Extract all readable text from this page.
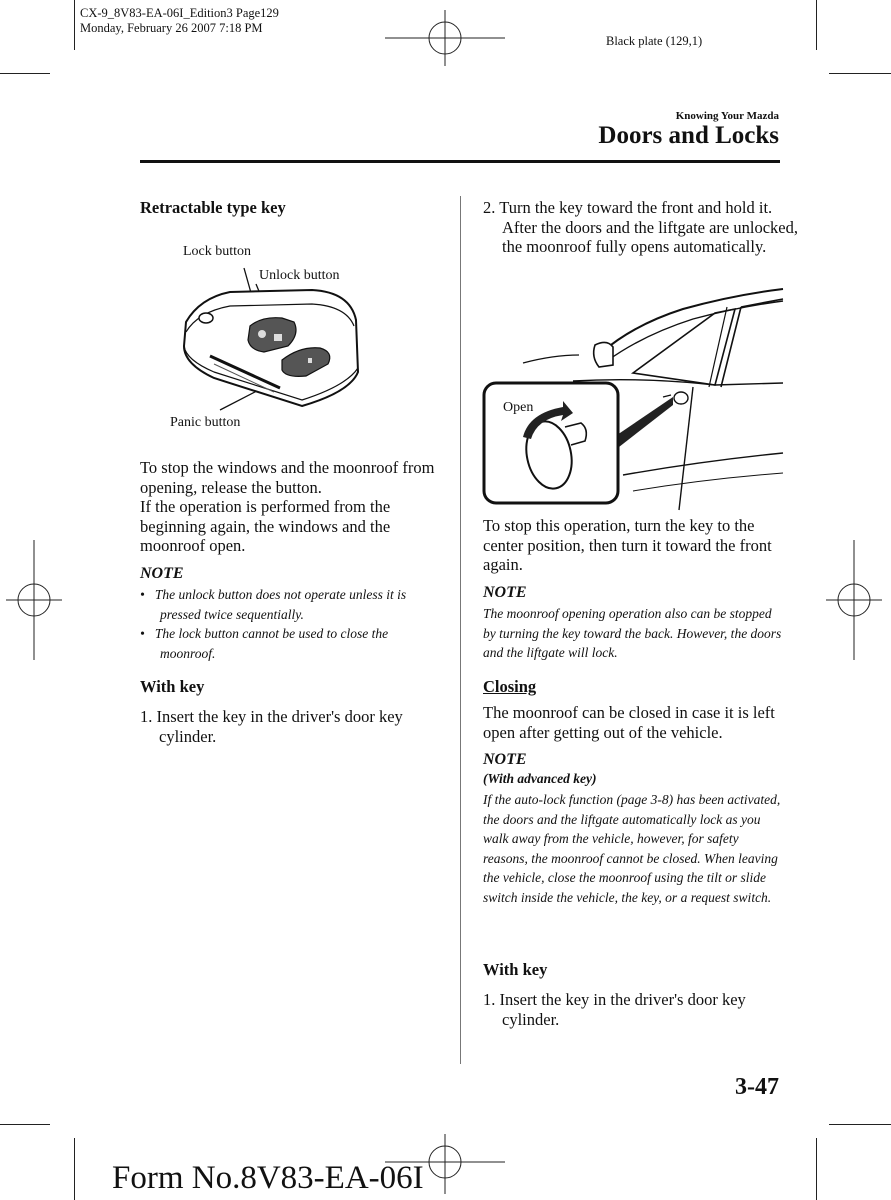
CX-9_8V83-EA-06I_Edition3 Page129
Monday, February 26 2007 7:18 PM
Black plate (129,1)
Knowing Your Mazda
Doors and Locks
Retractable type key
Lock button
Unlock button
Panic button
To stop the windows and the moonroof from opening, release the button.
If the operation is performed from the beginning again, the windows and the moonroof open.
NOTE
• The unlock button does not operate unless it is pressed twice sequentially.
• The lock button cannot be used to close the moonroof.
With key
1. Insert the key in the driver's door key cylinder.
2. Turn the key toward the front and hold it. After the doors and the liftgate are unlocked, the moonroof fully opens automatically.
Open
To stop this operation, turn the key to the center position, then turn it toward the front again.
NOTE
The moonroof opening operation also can be stopped by turning the key toward the back. However, the doors and the liftgate will lock.
Closing
The moonroof can be closed in case it is left open after getting out of the vehicle.
NOTE
(With advanced key)
If the auto-lock function (page 3-8) has been activated, the doors and the liftgate automatically lock as you walk away from the vehicle, however, for safety reasons, the moonroof cannot be closed. When leaving the vehicle, close the moonroof using the tilt or slide switch inside the vehicle, the key, or a request switch.
With key
1. Insert the key in the driver's door key cylinder.
3-47
Form No.8V83-EA-06I
